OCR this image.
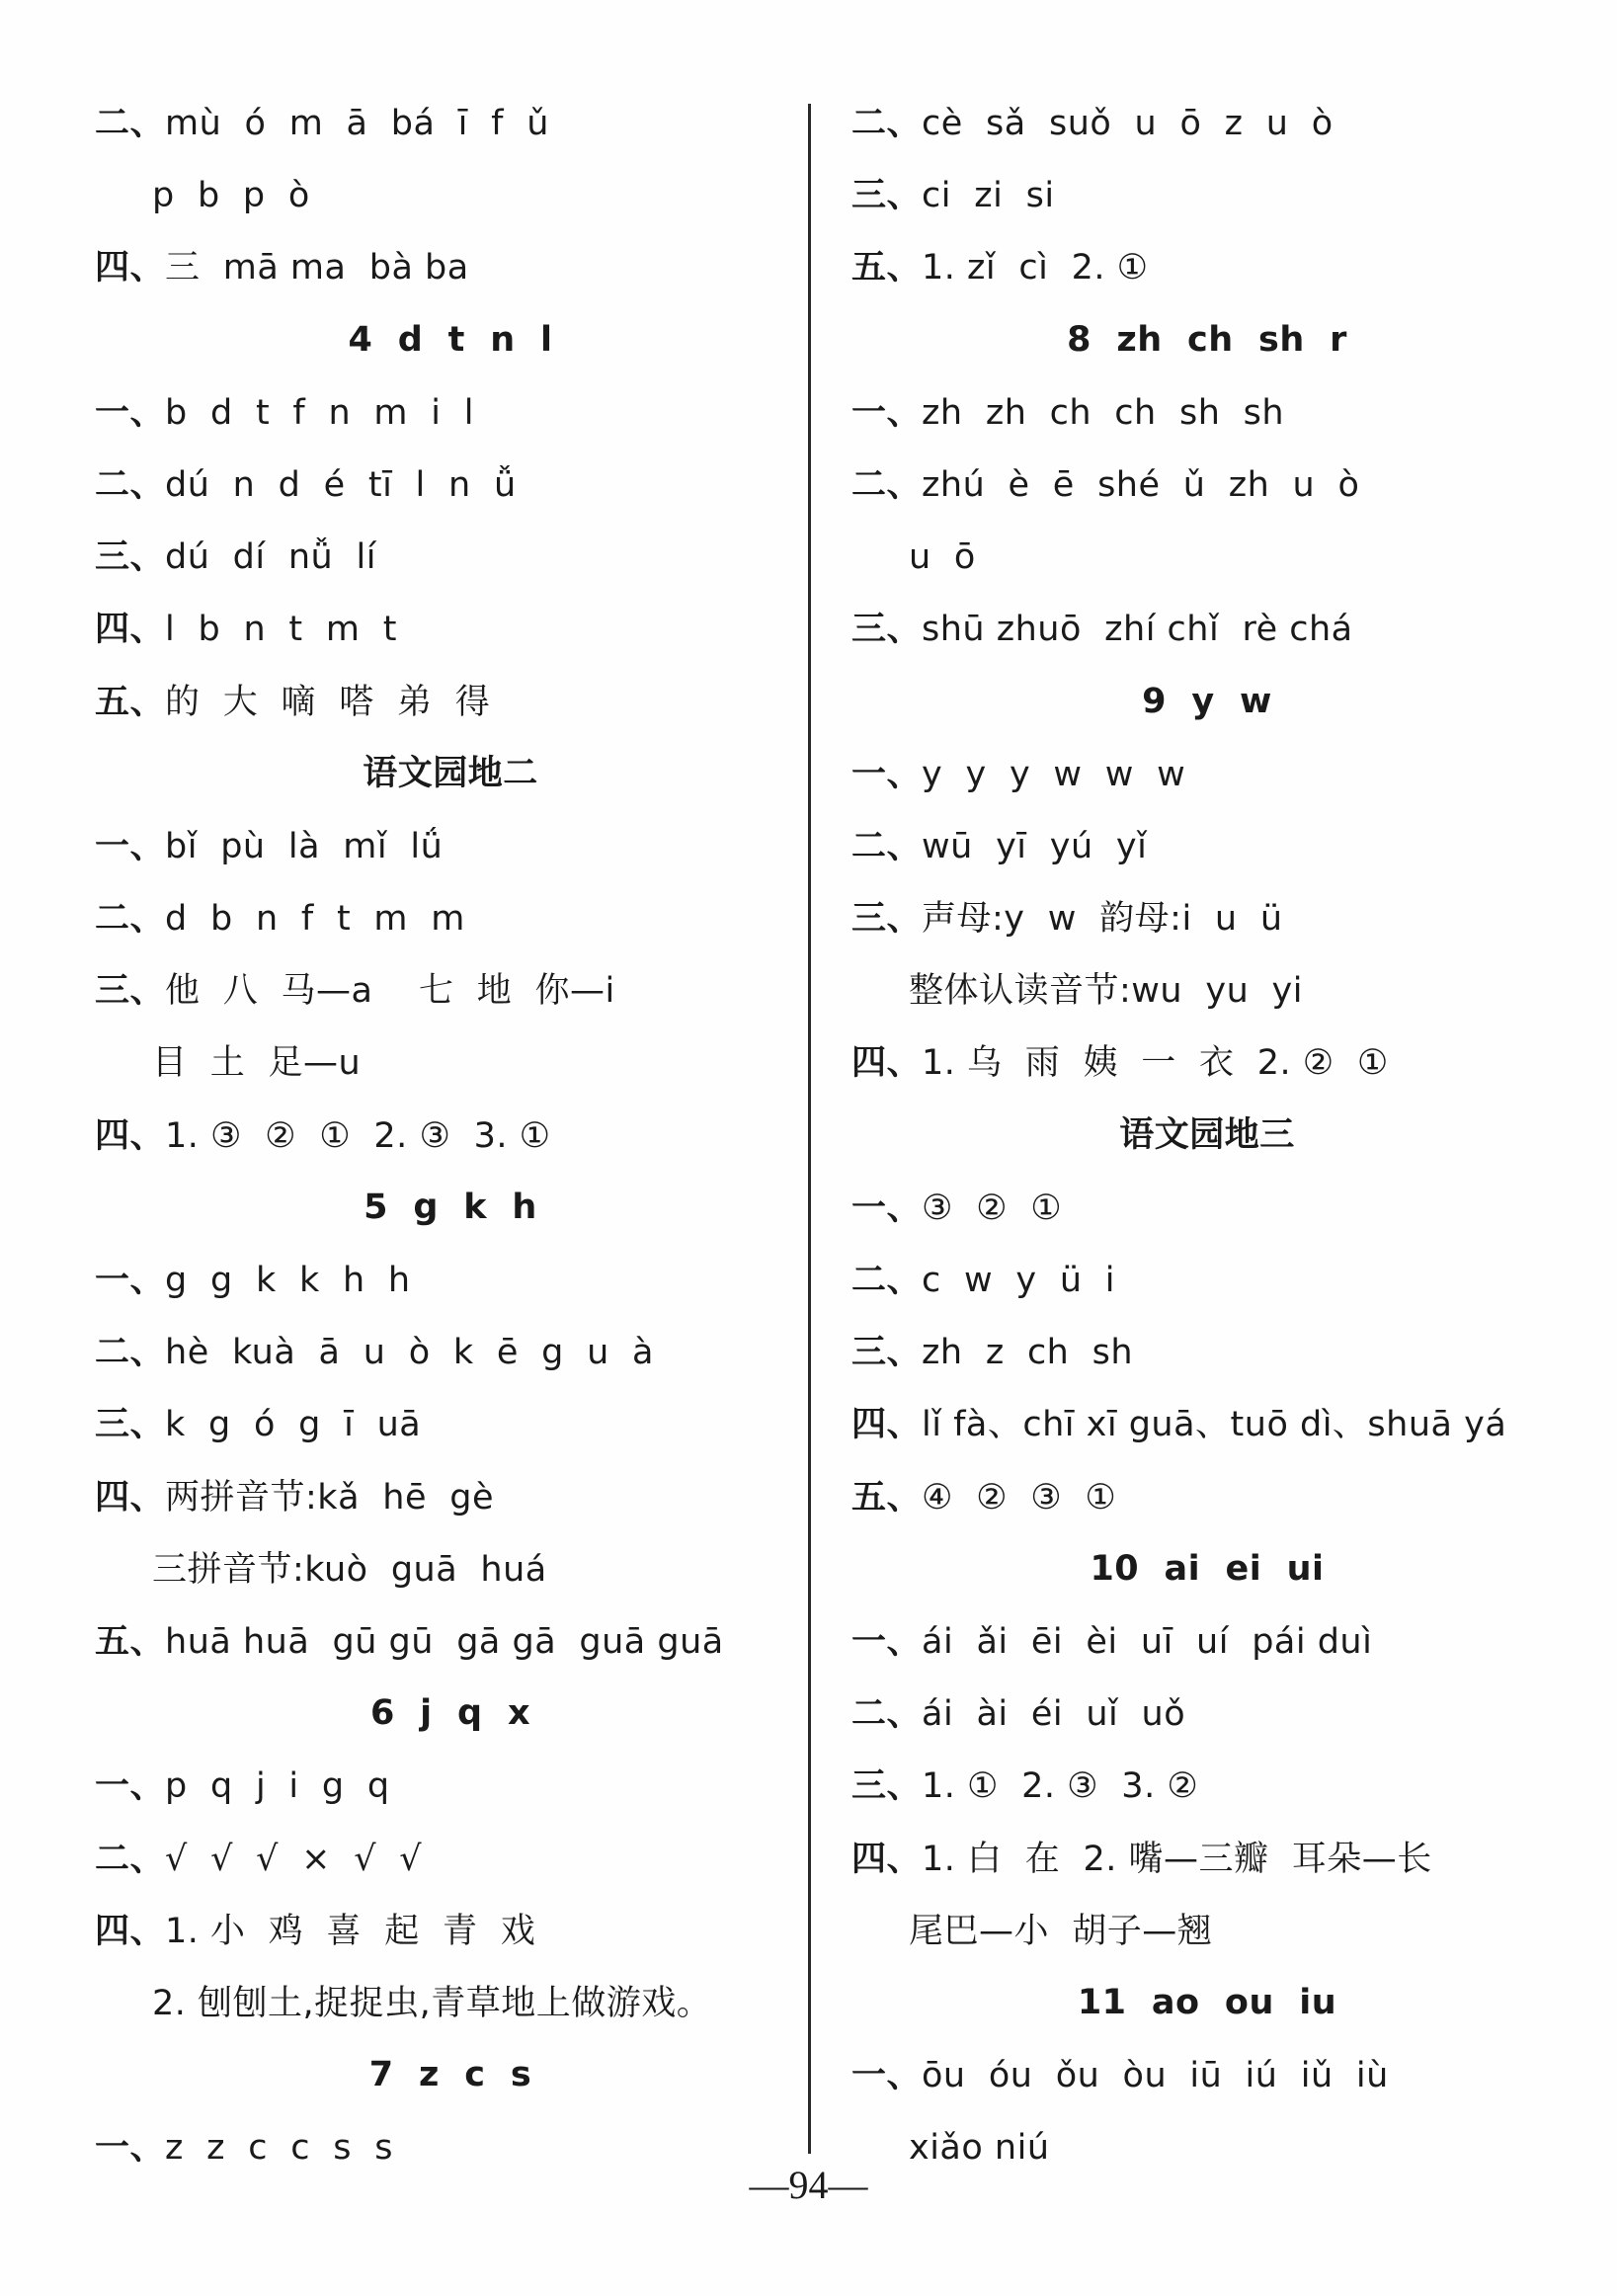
二、mù  ó  m  ā  bá  ī  f  ǔ
p  b  p  ò
四、三  mā ma  bà ba
4  d  t  n  l
一、b  d  t  f  n  m  i  l
二、dú  n  d  é  tī  l  n  ǚ
三、dú  dí  nǚ  lí
四、l  b  n  t  m  t
五、的  大  嘀  嗒  弟  得
语文园地二
一、bǐ  pù  là  mǐ  lǘ
二、d  b  n  f  t  m  m
三、他  八  马—a    七  地  你—i
目  土  足—u
四、1. ③  ②  ①  2. ③  3. ①
5  g  k  h
一、g  g  k  k  h  h
二、hè  kuà  ā  u  ò  k  ē  g  u  à
三、k  g  ó  g  ī  uā
四、两拼音节:kǎ  hē  gè
三拼音节:kuò  guā  huá
五、huā huā  gū gū  gā gā  guā guā
6  j  q  x
一、p  q  j  i  g  q
二、√  √  √  ×  √  √
四、1. 小  鸡  喜  起  青  戏
2. 刨刨土,捉捉虫,青草地上做游戏。
7  z  c  s
一、z  z  c  c  s  s
二、cè  sǎ  suǒ  u  ō  z  u  ò
三、ci  zi  si
五、1. zǐ  cì  2. ①
8  zh  ch  sh  r
一、zh  zh  ch  ch  sh  sh
二、zhú  è  ē  shé  ǔ  zh  u  ò
u  ō
三、shū zhuō  zhí chǐ  rè chá
9  y  w
一、y  y  y  w  w  w
二、wū  yī  yú  yǐ
三、声母:y  w  韵母:i  u  ü
整体认读音节:wu  yu  yi
四、1. 乌  雨  姨  一  衣  2. ②  ①
语文园地三
一、③  ②  ①
二、c  w  y  ü  i
三、zh  z  ch  sh
四、lǐ fà、chī xī guā、tuō dì、shuā yá
五、④  ②  ③  ①
10  ai  ei  ui
一、ái  ǎi  ēi  èi  uī  uí  pái duì
二、ái  ài  éi  uǐ  uǒ
三、1. ①  2. ③  3. ②
四、1. 白  在  2. 嘴—三瓣  耳朵—长
尾巴—小  胡子—翘
11  ao  ou  iu
一、ōu  óu  ǒu  òu  iū  iú  iǔ  iù
xiǎo niú
—94—
